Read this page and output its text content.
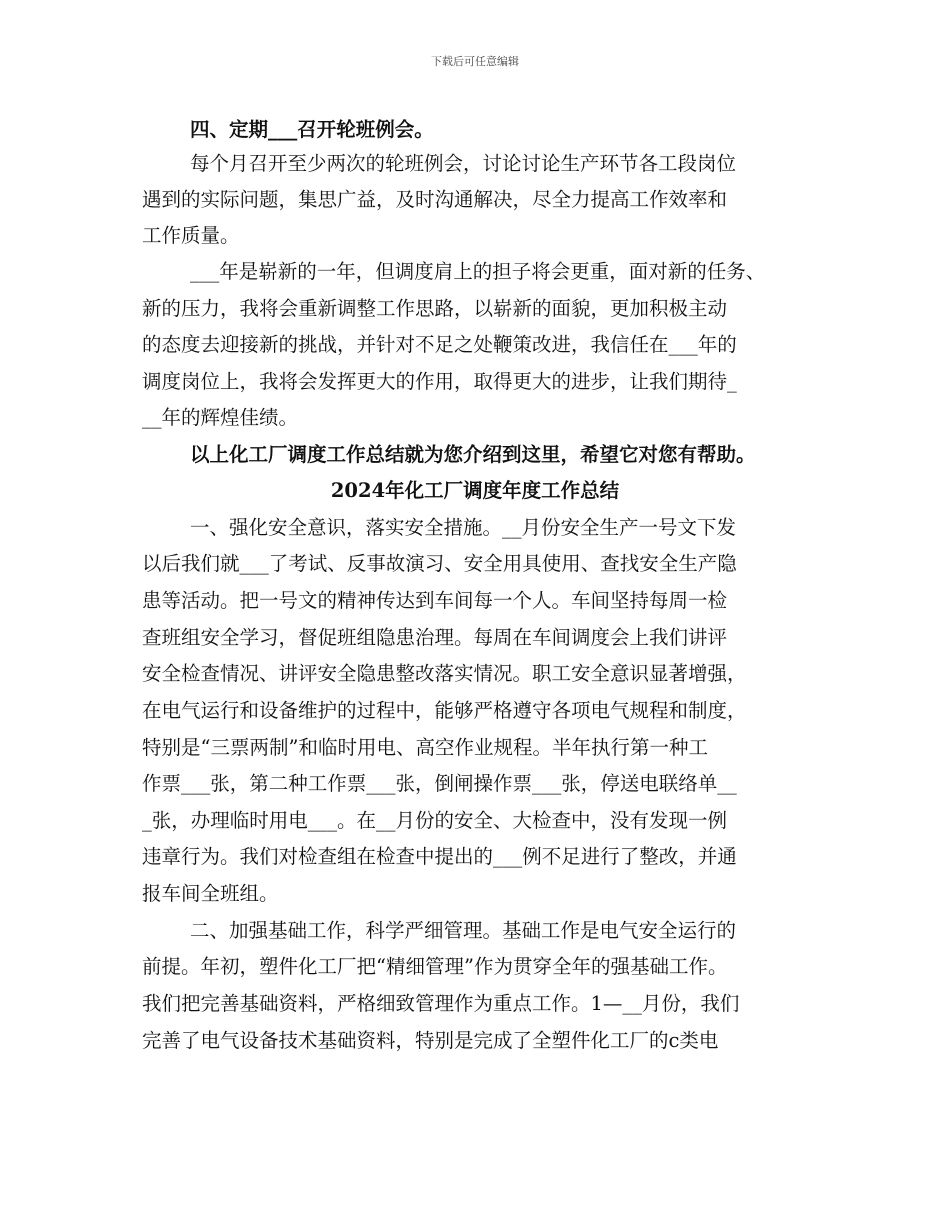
下载后可任意编辑
四、定期___召开轮班例会。
每个月召开至少两次的轮班例会，讨论讨论生产环节各工段岗位
遇到的实际问题，集思广益，及时沟通解决，尽全力提高工作效率和
工作质量。
___年是崭新的一年，但调度肩上的担子将会更重，面对新的任务、
新的压力，我将会重新调整工作思路，以崭新的面貌，更加积极主动
的态度去迎接新的挑战，并针对不足之处鞭策改进，我信任在___年的
调度岗位上，我将会发挥更大的作用，取得更大的进步，让我们期待_
__年的辉煌佳绩。
以上化工厂调度工作总结就为您介绍到这里，希望它对您有帮助。
2024年化工厂调度年度工作总结
一、强化安全意识，落实安全措施。__月份安全生产一号文下发
以后我们就___了考试、反事故演习、安全用具使用、查找安全生产隐
患等活动。把一号文的精神传达到车间每一个人。车间坚持每周一检
查班组安全学习，督促班组隐患治理。每周在车间调度会上我们讲评
安全检查情况、讲评安全隐患整改落实情况。职工安全意识显著增强，
在电气运行和设备维护的过程中，能够严格遵守各项电气规程和制度，
特别是“三票两制”和临时用电、高空作业规程。半年执行第一种工
作票___张，第二种工作票___张，倒闸操作票___张，停送电联络单__
_张，办理临时用电___。在__月份的安全、大检查中，没有发现一例
违章行为。我们对检查组在检查中提出的___例不足进行了整改，并通
报车间全班组。
二、加强基础工作，科学严细管理。基础工作是电气安全运行的
前提。年初，塑件化工厂把“精细管理”作为贯穿全年的强基础工作。
我们把完善基础资料，严格细致管理作为重点工作。1—__月份，我们
完善了电气设备技术基础资料，特别是完成了全塑件化工厂的c类电
